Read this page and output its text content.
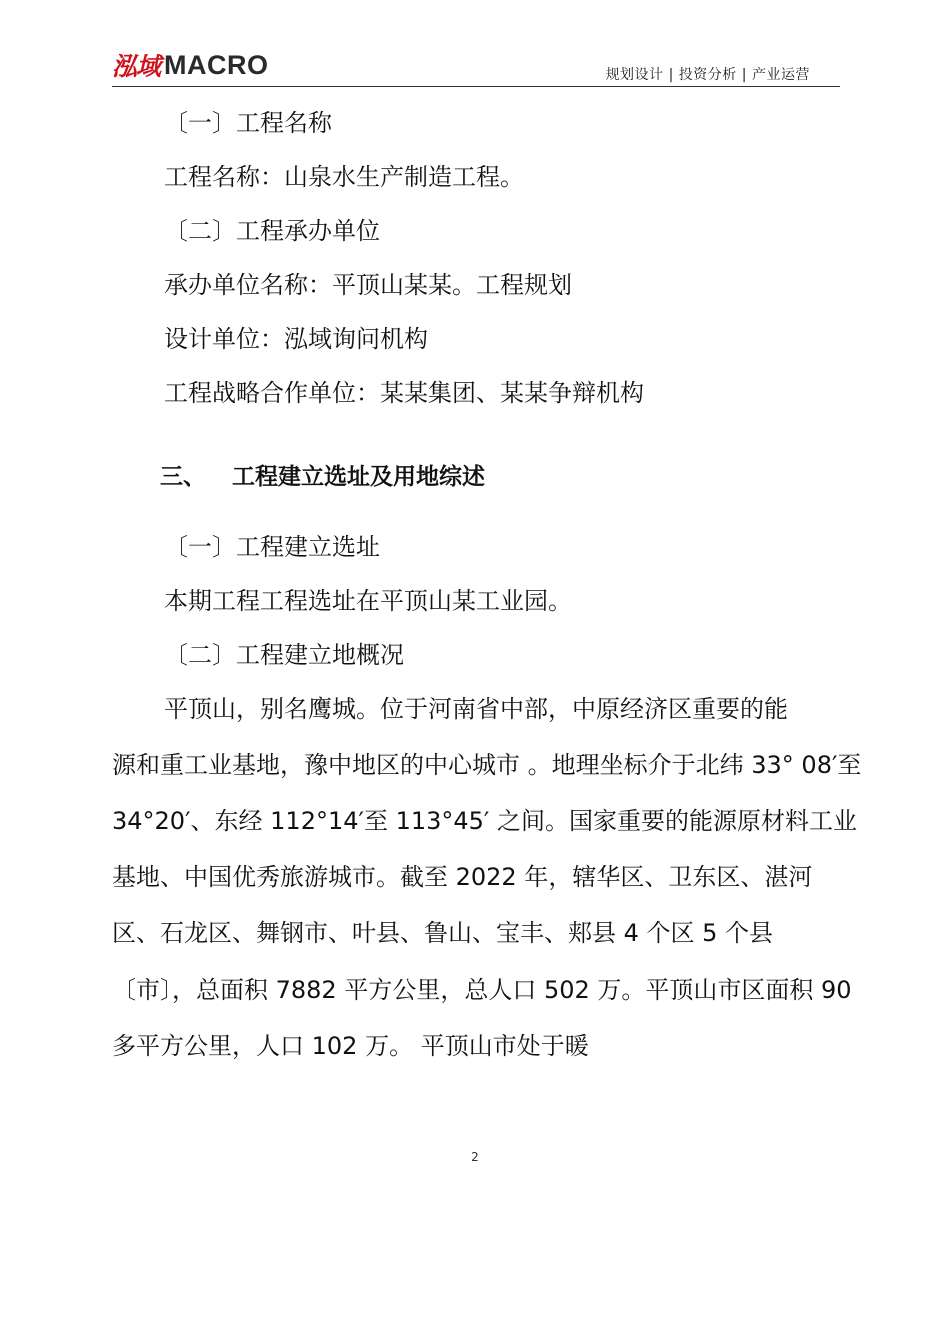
泓域 MACRO	规划设计 | 投资分析 | 产业运营
〔一〕工程名称
工程名称：山泉水生产制造工程。
〔二〕工程承办单位
承办单位名称：平顶山某某。工程规划
设计单位：泓域询问机构
工程战略合作单位：某某集团、某某争辩机构
三、 工程建立选址及用地综述
〔一〕工程建立选址
本期工程工程选址在平顶山某工业园。
〔二〕工程建立地概况
平顶山，别名鹰城。位于河南省中部，中原经济区重要的能
源和重工业基地，豫中地区的中心城市 。地理坐标介于北纬 33° 08′至
34°20′、东经 112°14′至 113°45′ 之间。国家重要的能源原材料工业
基地、中国优秀旅游城市。截至 2022 年，辖华区、卫东区、湛河
区、石龙区、舞钢市、叶县、鲁山、宝丰、郏县 4 个区 5 个县
〔市〕，总面积 7882 平方公里，总人口 502 万。平顶山市区面积 90
多平方公里，人口 102 万。 平顶山市处于暖
2
